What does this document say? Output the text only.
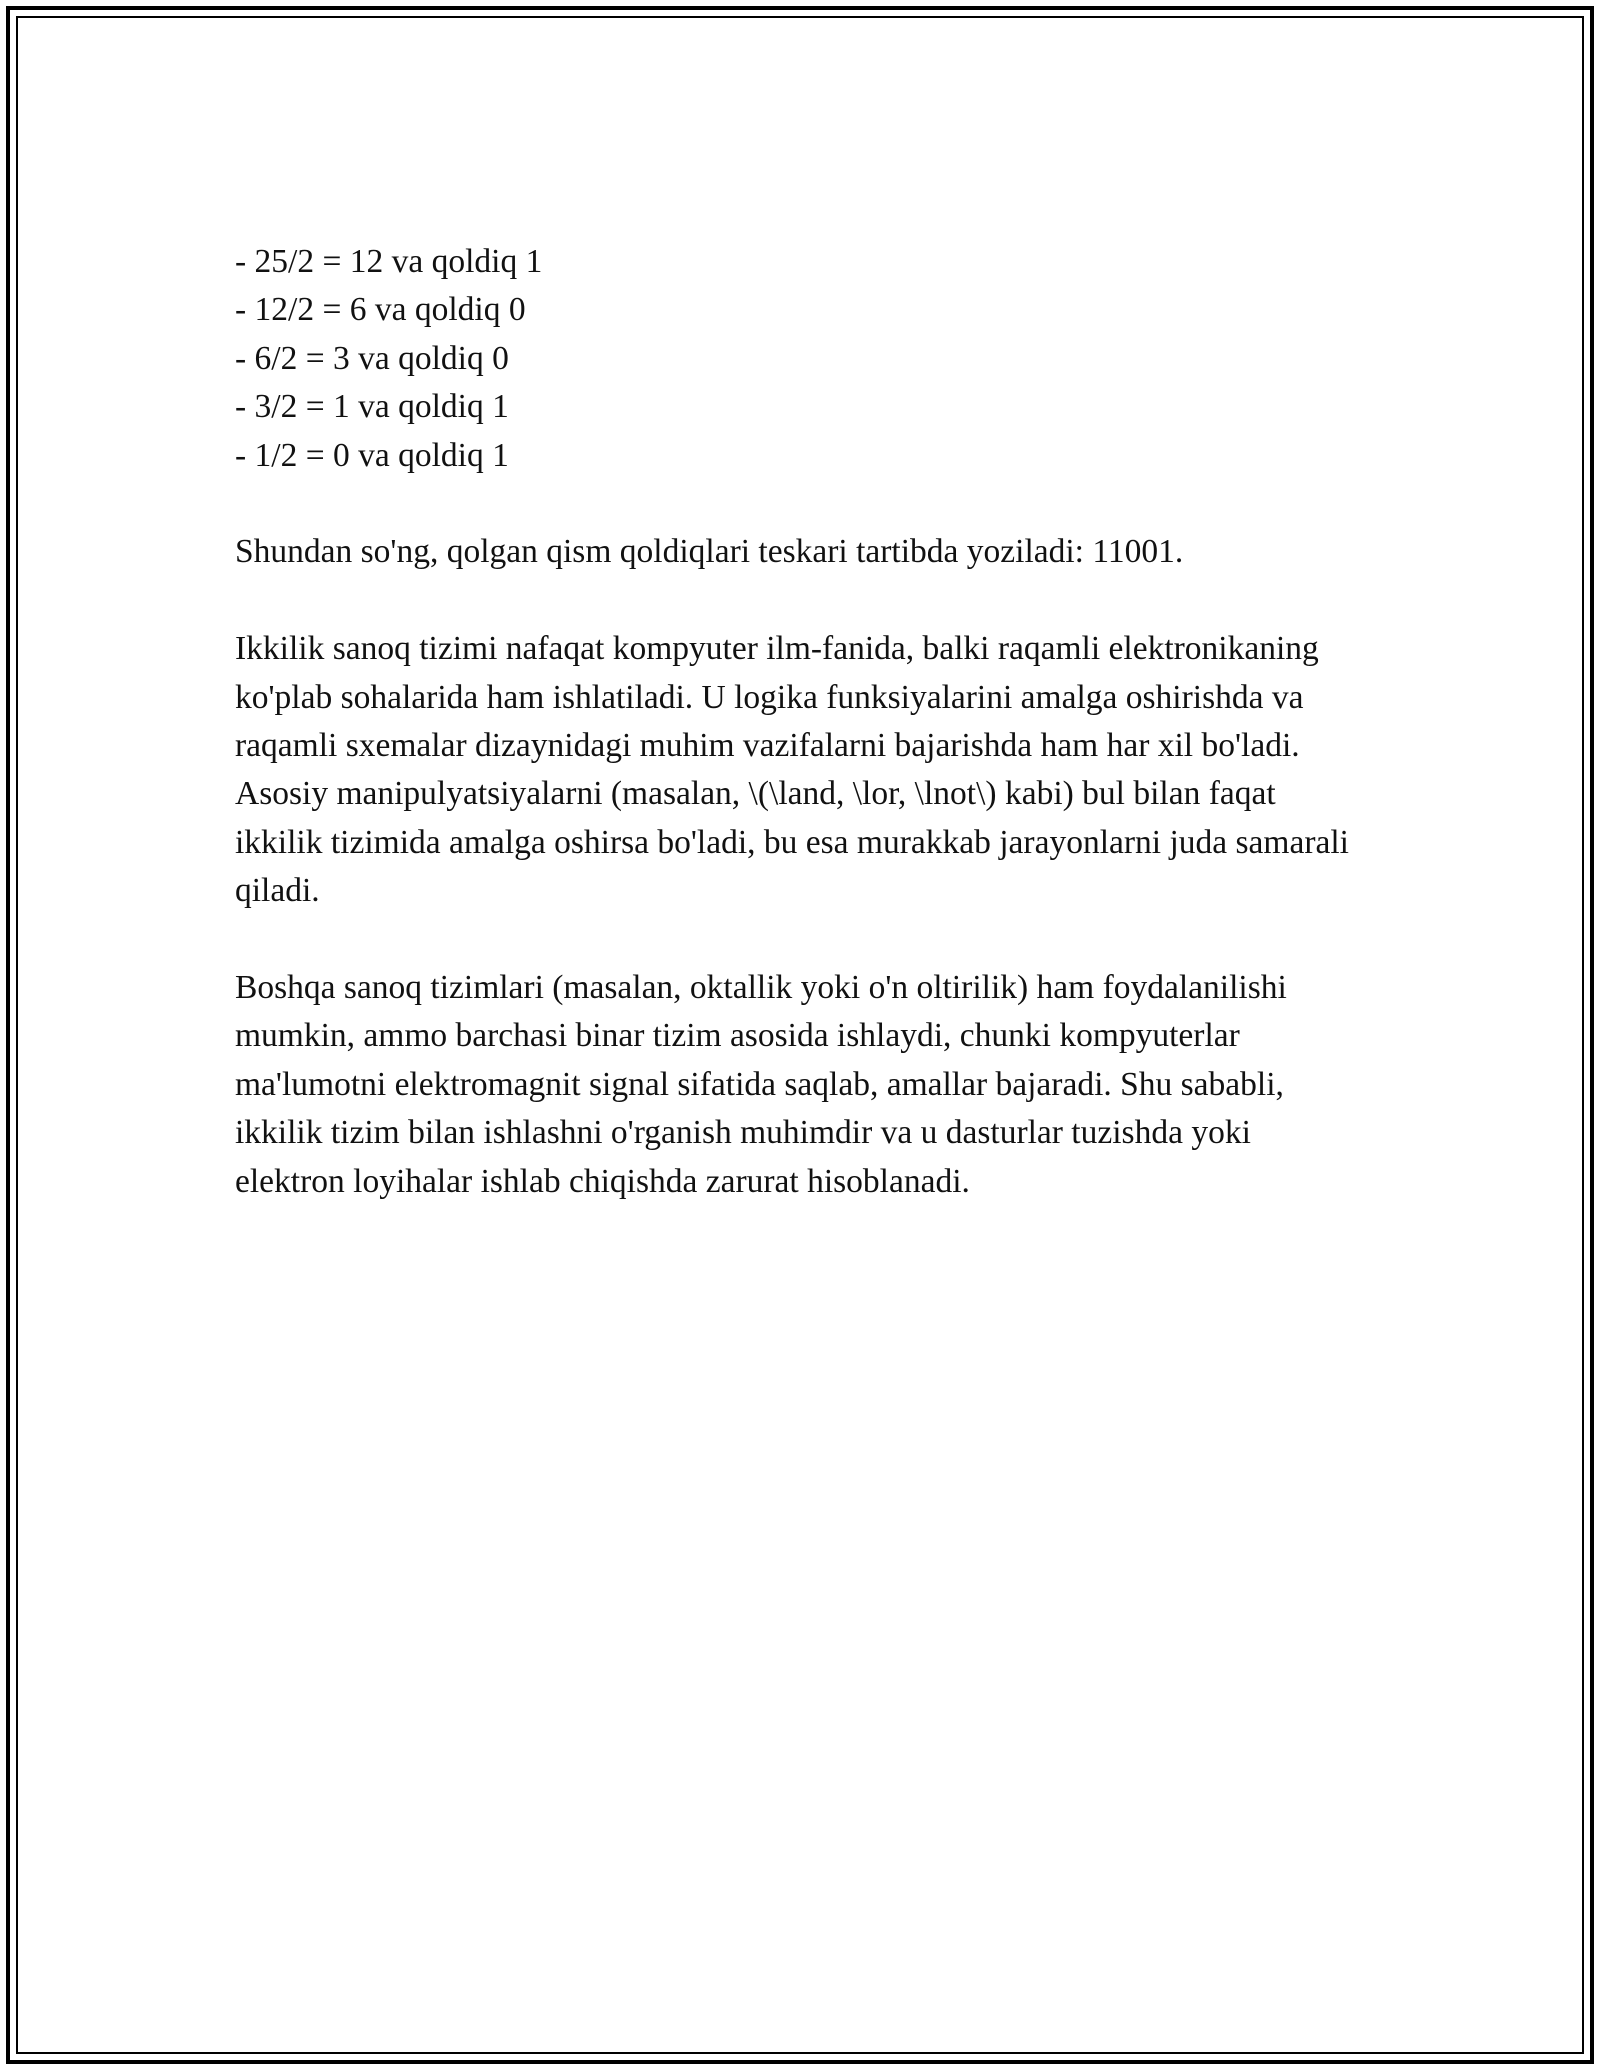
- 25/2 = 12 va qoldiq 1
- 12/2 = 6 va qoldiq 0
- 6/2 = 3 va qoldiq 0
- 3/2 = 1 va qoldiq 1
- 1/2 = 0 va qoldiq 1

Shundan so'ng, qolgan qism qoldiqlari teskari tartibda yoziladi: 11001.

Ikkilik sanoq tizimi nafaqat kompyuter ilm-fanida, balki raqamli elektronikaning ko'plab sohalarida ham ishlatiladi. U logika funksiyalarini amalga oshirishda va raqamli sxemalar dizaynidagi muhim vazifalarni bajarishda ham har xil bo'ladi. Asosiy manipulyatsiyalarni (masalan, \(\land, \lor, \lnot\) kabi) bul bilan faqat ikkilik tizimida amalga oshirsa bo'ladi, bu esa murakkab jarayonlarni juda samarali qiladi.

Boshqa sanoq tizimlari (masalan, oktallik yoki o'n oltirilik) ham foydalanilishi mumkin, ammo barchasi binar tizim asosida ishlaydi, chunki kompyuterlar ma'lumotni elektromagnit signal sifatida saqlab, amallar bajaradi. Shu sababli, ikkilik tizim bilan ishlashni o'rganish muhimdir va u dasturlar tuzishda yoki elektron loyihalar ishlab chiqishda zarurat hisoblanadi.
